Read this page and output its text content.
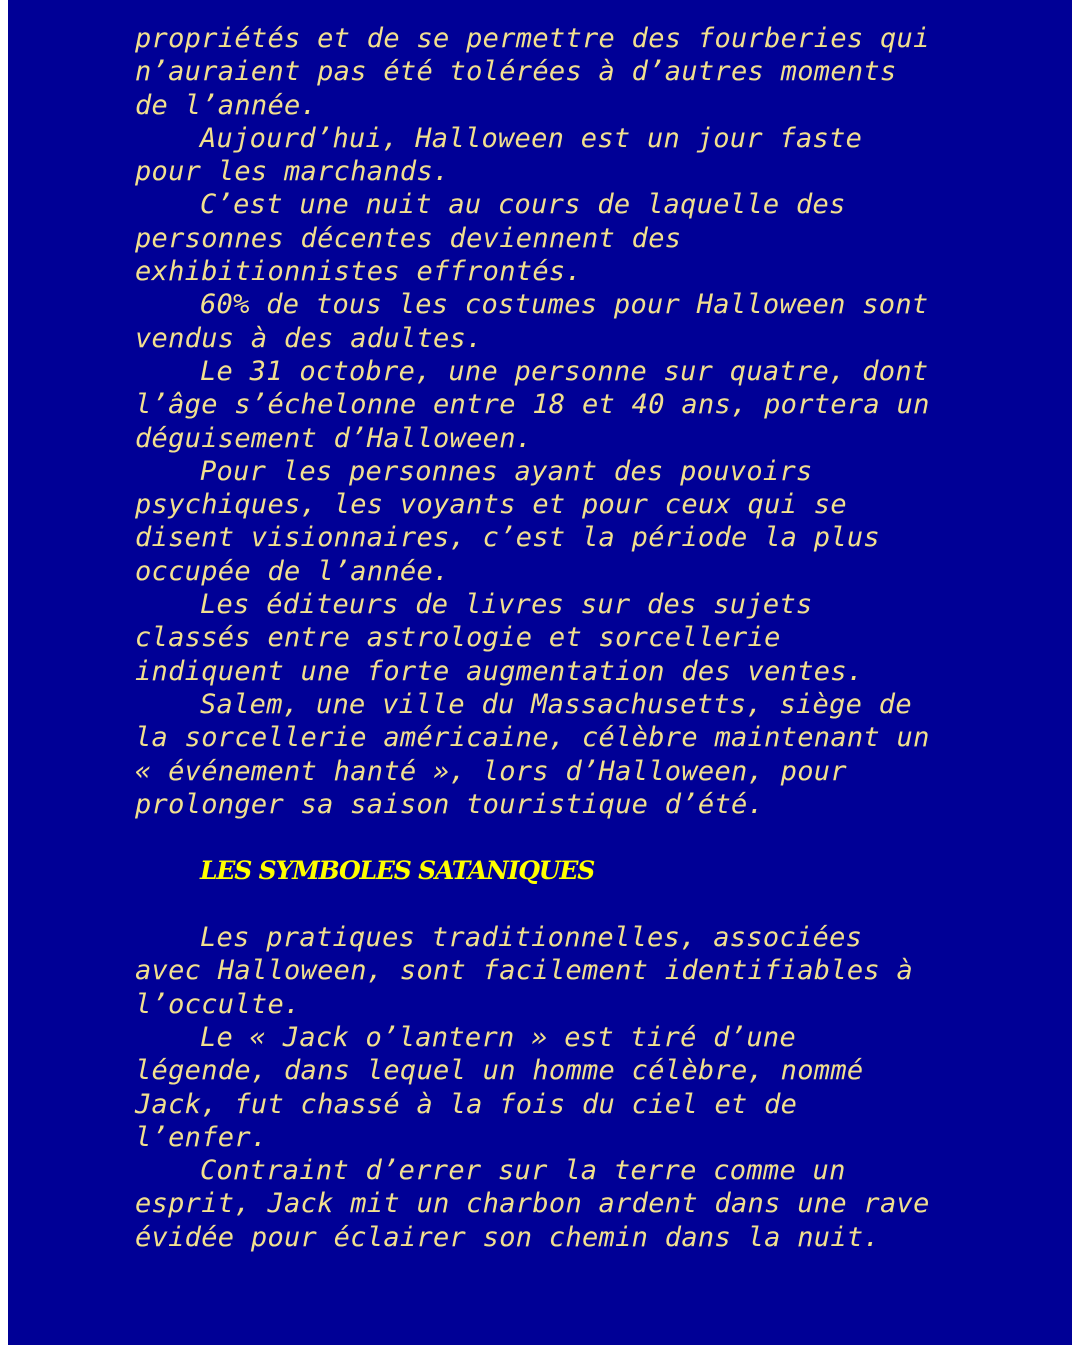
propriétés et de se permettre des fourberies qui

n’auraient pas été tolérées à d’autres moments

de l’année.

Aujourd’hui, Halloween est un jour faste

pour les marchands.

C’est une nuit au cours de laquelle des

personnes décentes deviennent des

exhibitionnistes effrontés.

60% de tous les costumes pour Halloween sont

vendus à des adultes.

Le 31 octobre, une personne sur quatre, dont

l’âge s’échelonne entre 18 et 40 ans, portera un

déguisement d’Halloween.

Pour les personnes ayant des pouvoirs

psychiques, les voyants et pour ceux qui se

disent visionnaires, c’est la période la plus

occupée de l’année.

Les éditeurs de livres sur des sujets

classés entre astrologie et sorcellerie

indiquent une forte augmentation des ventes.

Salem, une ville du Massachusetts, siège de

la sorcellerie américaine, célèbre maintenant un

« événement hanté », lors d’Halloween, pour

prolonger sa saison touristique d’été.

LES SYMBOLES SATANIQUES

Les pratiques traditionnelles, associées

avec Halloween, sont facilement identifiables à

l’occulte.

Le « Jack o’lantern » est tiré d’une

légende, dans lequel un homme célèbre, nommé

Jack, fut chassé à la fois du ciel et de

l’enfer.

Contraint d’errer sur la terre comme un

esprit, Jack mit un charbon ardent dans une rave

évidée pour éclairer son chemin dans la nuit.
